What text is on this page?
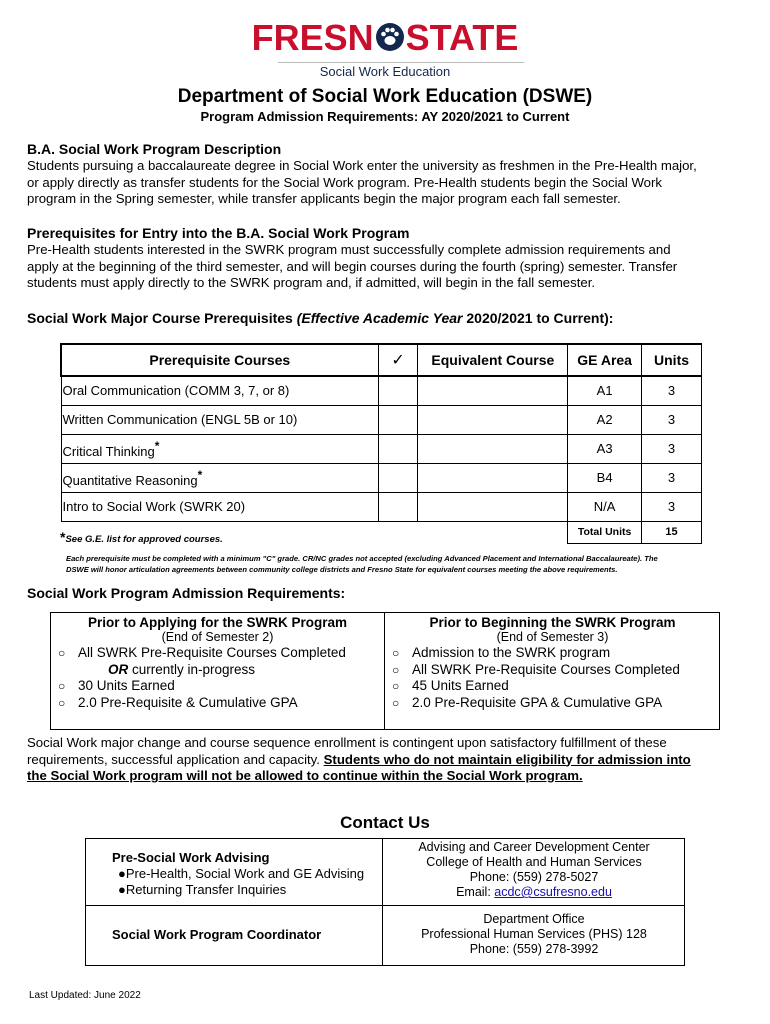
FRESN STATE
Social Work Education
Department of Social Work Education (DSWE)
Program Admission Requirements: AY 2020/2021 to Current
B.A. Social Work Program Description
Students pursuing a baccalaureate degree in Social Work enter the university as freshmen in the Pre-Health major,
or apply directly as transfer students for the Social Work program. Pre-Health students begin the Social Work
program in the Spring semester, while transfer applicants begin the major program each fall semester.
Prerequisites for Entry into the B.A. Social Work Program
Pre-Health students interested in the SWRK program must successfully complete admission requirements and
apply at the beginning of the third semester, and will begin courses during the fourth (spring) semester. Transfer
students must apply directly to the SWRK program and, if admitted, will begin in the fall semester.
Social Work Major Course Prerequisites (Effective Academic Year 2020/2021 to Current):
Prerequisite Courses	✓	Equivalent Course	GE Area	Units
Oral Communication (COMM 3, 7, or 8)			A1	3
Written Communication (ENGL 5B or 10)			A2	3
Critical Thinking*			A3	3
Quantitative Reasoning*			B4	3
Intro to Social Work (SWRK 20)			N/A	3
			Total Units	15
*See G.E. list for approved courses.
Each prerequisite must be completed with a minimum "C" grade. CR/NC grades not accepted (excluding Advanced Placement and International Baccalaureate). The
DSWE will honor articulation agreements between community college districts and Fresno State for equivalent courses meeting the above requirements.
Social Work Program Admission Requirements:
Prior to Applying for the SWRK Program
(End of Semester 2)
○ All SWRK Pre-Requisite Courses Completed
OR currently in-progress
○ 30 Units Earned
○ 2.0 Pre-Requisite & Cumulative GPA
Prior to Beginning the SWRK Program
(End of Semester 3)
○ Admission to the SWRK program
○ All SWRK Pre-Requisite Courses Completed
○ 45 Units Earned
○ 2.0 Pre-Requisite GPA & Cumulative GPA
Social Work major change and course sequence enrollment is contingent upon satisfactory fulfillment of these
requirements, successful application and capacity. Students who do not maintain eligibility for admission into
the Social Work program will not be allowed to continue within the Social Work program.
Contact Us
Pre-Social Work Advising
●Pre-Health, Social Work and GE Advising
●Returning Transfer Inquiries
Advising and Career Development Center
College of Health and Human Services
Phone: (559) 278-5027
Email: acdc@csufresno.edu
Social Work Program Coordinator
Department Office
Professional Human Services (PHS) 128
Phone: (559) 278-3992
Last Updated: June 2022
